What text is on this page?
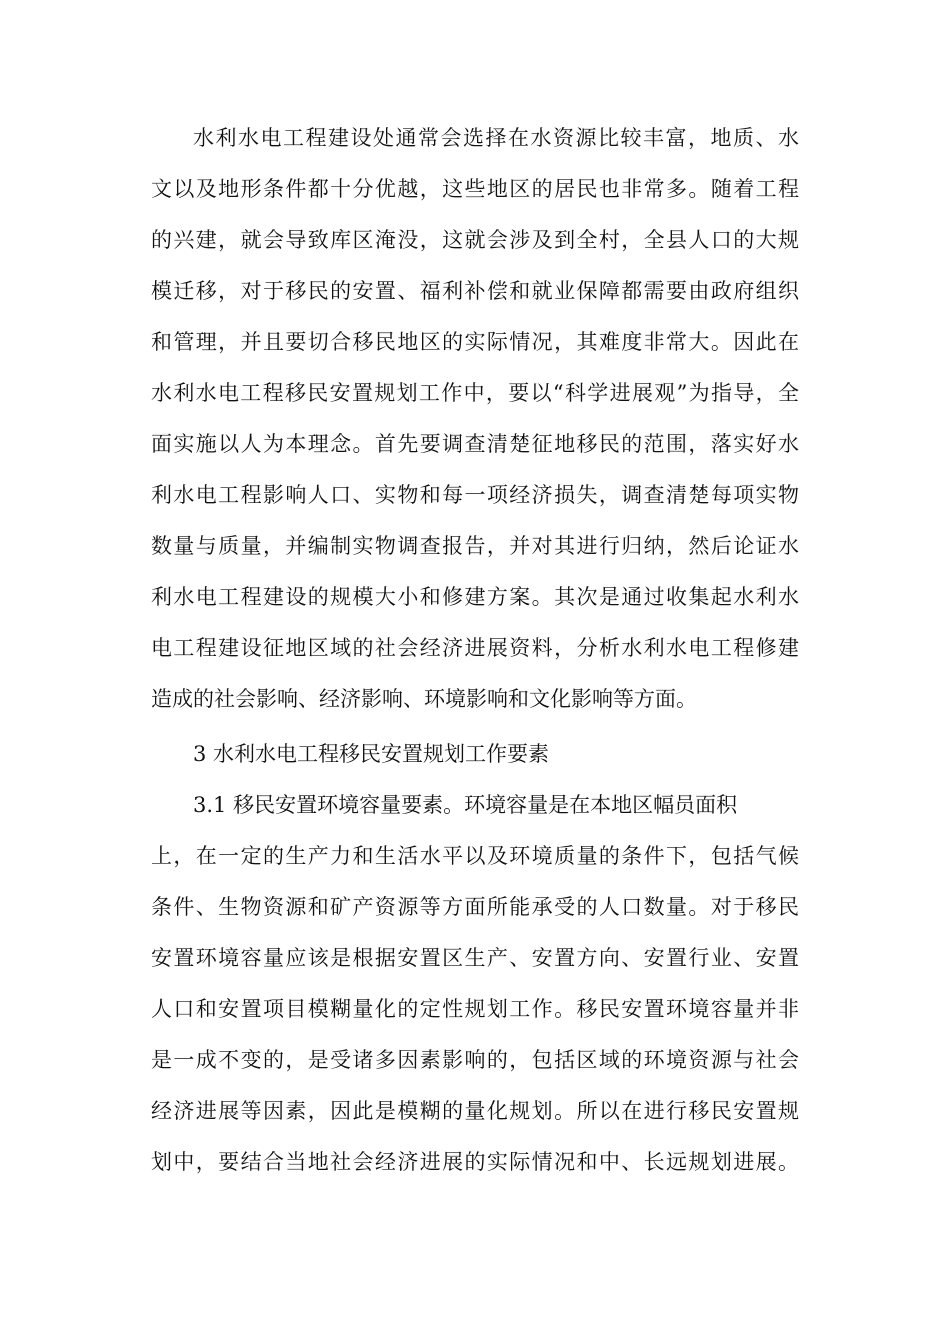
水利水电工程建设处通常会选择在水资源比较丰富，地质、水
文以及地形条件都十分优越，这些地区的居民也非常多。随着工程
的兴建，就会导致库区淹没，这就会涉及到全村，全县人口的大规
模迁移，对于移民的安置、福利补偿和就业保障都需要由政府组织
和管理，并且要切合移民地区的实际情况，其难度非常大。因此在
水利水电工程移民安置规划工作中，要以“科学进展观”为指导，全
面实施以人为本理念。首先要调查清楚征地移民的范围，落实好水
利水电工程影响人口、实物和每一项经济损失，调查清楚每项实物
数量与质量，并编制实物调查报告，并对其进行归纳，然后论证水
利水电工程建设的规模大小和修建方案。其次是通过收集起水利水
电工程建设征地区域的社会经济进展资料，分析水利水电工程修建
造成的社会影响、经济影响、环境影响和文化影响等方面。
3 水利水电工程移民安置规划工作要素
3.1 移民安置环境容量要素。环境容量是在本地区幅员面积
上，在一定的生产力和生活水平以及环境质量的条件下，包括气候
条件、生物资源和矿产资源等方面所能承受的人口数量。对于移民
安置环境容量应该是根据安置区生产、安置方向、安置行业、安置
人口和安置项目模糊量化的定性规划工作。移民安置环境容量并非
是一成不变的，是受诸多因素影响的，包括区域的环境资源与社会
经济进展等因素，因此是模糊的量化规划。所以在进行移民安置规
划中，要结合当地社会经济进展的实际情况和中、长远规划进展。
